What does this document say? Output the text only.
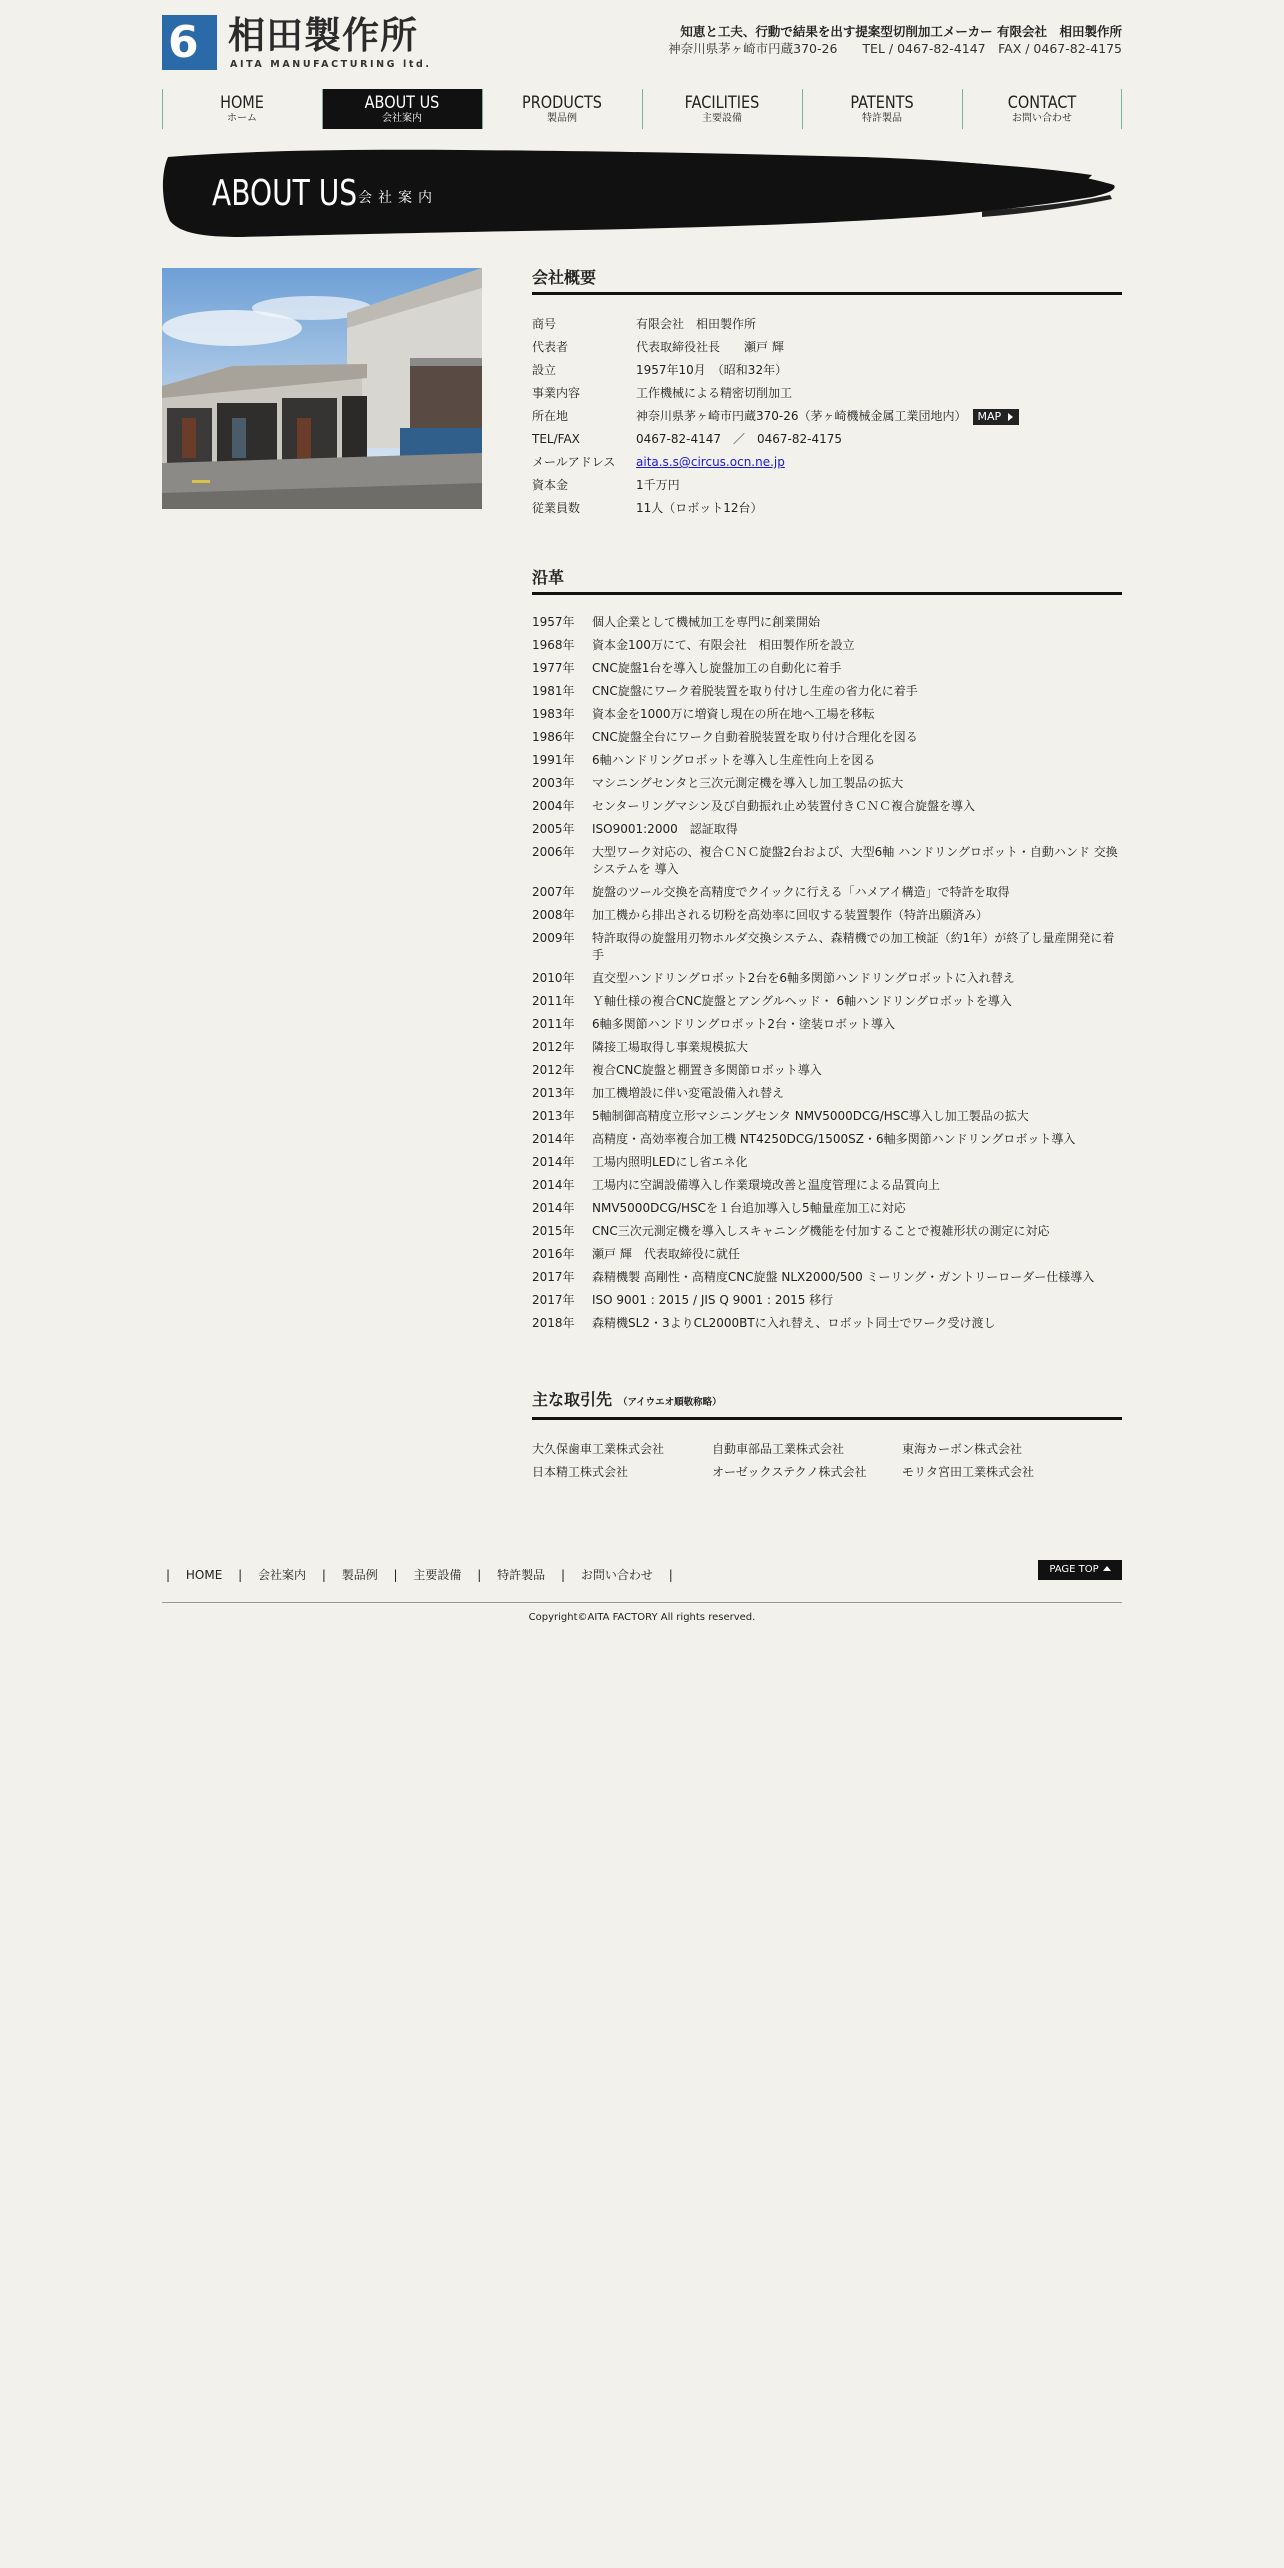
6 相田製作所
AITA MANUFACTURING ltd.
知恵と工夫、行動で結果を出す提案型切削加工メーカー 有限会社　相田製作所
神奈川県茅ヶ崎市円蔵370-26　　TEL / 0467-82-4147　FAX / 0467-82-4175
HOME
ホーム
ABOUT US
会社案内
PRODUCTS
製品例
FACILITIES
主要設備
PATENTS
特許製品
CONTACT
お問い合わせ
ABOUT US 会社案内
会社概要
商号	有限会社　相田製作所
代表者	代表取締役社長　　瀬戸 輝
設立	1957年10月　（昭和32年）
事業内容	工作機械による精密切削加工
所在地	神奈川県茅ヶ崎市円蔵370-26（茅ヶ崎機械金属工業団地内） MAP
TEL/FAX	0467-82-4147　／　0467-82-4175
メールアドレス	aita.s.s@circus.ocn.ne.jp
資本金	1千万円
従業員数	11人（ロボット12台）
沿革
1957年	個人企業として機械加工を専門に創業開始
1968年	資本金100万にて、有限会社　相田製作所を設立
1977年	CNC旋盤1台を導入し旋盤加工の自動化に着手
1981年	CNC旋盤にワーク着脱装置を取り付けし生産の省力化に着手
1983年	資本金を1000万に増資し現在の所在地へ工場を移転
1986年	CNC旋盤全台にワーク自動着脱装置を取り付け合理化を図る
1991年	6軸ハンドリングロボットを導入し生産性向上を図る
2003年	マシニングセンタと三次元測定機を導入し加工製品の拡大
2004年	センターリングマシン及び自動振れ止め装置付きＣＮＣ複合旋盤を導入
2005年	ISO9001:2000　認証取得
2006年	大型ワーク対応の、複合ＣＮＣ旋盤2台および、大型6軸 ハンドリングロボット・自動ハンド 交換システムを 導入
2007年	旋盤のツール交換を高精度でクイックに行える「ハメアイ構造」で特許を取得
2008年	加工機から排出される切粉を高効率に回収する装置製作（特許出願済み）
2009年	特許取得の旋盤用刃物ホルダ交換システム、森精機での加工検証（約1年）が終了し量産開発に着手
2010年	直交型ハンドリングロボット2台を6軸多関節ハンドリングロボットに入れ替え
2011年	Ｙ軸仕様の複合CNC旋盤とアングルヘッド・ 6軸ハンドリングロボットを導入
2011年	6軸多関節ハンドリングロボット2台・塗装ロボット導入
2012年	隣接工場取得し事業規模拡大
2012年	複合CNC旋盤と棚置き多関節ロボット導入
2013年	加工機増設に伴い変電設備入れ替え
2013年	5軸制御高精度立形マシニングセンタ NMV5000DCG/HSC導入し加工製品の拡大
2014年	高精度・高効率複合加工機 NT4250DCG/1500SZ・6軸多関節ハンドリングロボット導入
2014年	工場内照明LEDにし省エネ化
2014年	工場内に空調設備導入し作業環境改善と温度管理による品質向上
2014年	NMV5000DCG/HSCを１台追加導入し5軸量産加工に対応
2015年	CNC三次元測定機を導入しスキャニング機能を付加することで複雑形状の測定に対応
2016年	瀬戸 輝　代表取締役に就任
2017年	森精機製 高剛性・高精度CNC旋盤 NLX2000/500 ミーリング・ガントリーローダー仕様導入
2017年	ISO 9001 : 2015 / JIS Q 9001 : 2015 移行
2018年	森精機SL2・3よりCL2000BTに入れ替え、ロボット同士でワーク受け渡し
主な取引先 （アイウエオ順敬称略）
大久保歯車工業株式会社	自動車部品工業株式会社	東海カーボン株式会社
日本精工株式会社	オーゼックステクノ株式会社	モリタ宮田工業株式会社
| HOME | 会社案内 | 製品例 | 主要設備 | 特許製品 | お問い合わせ |	PAGE TOP
Copyright©AITA FACTORY All rights reserved.
